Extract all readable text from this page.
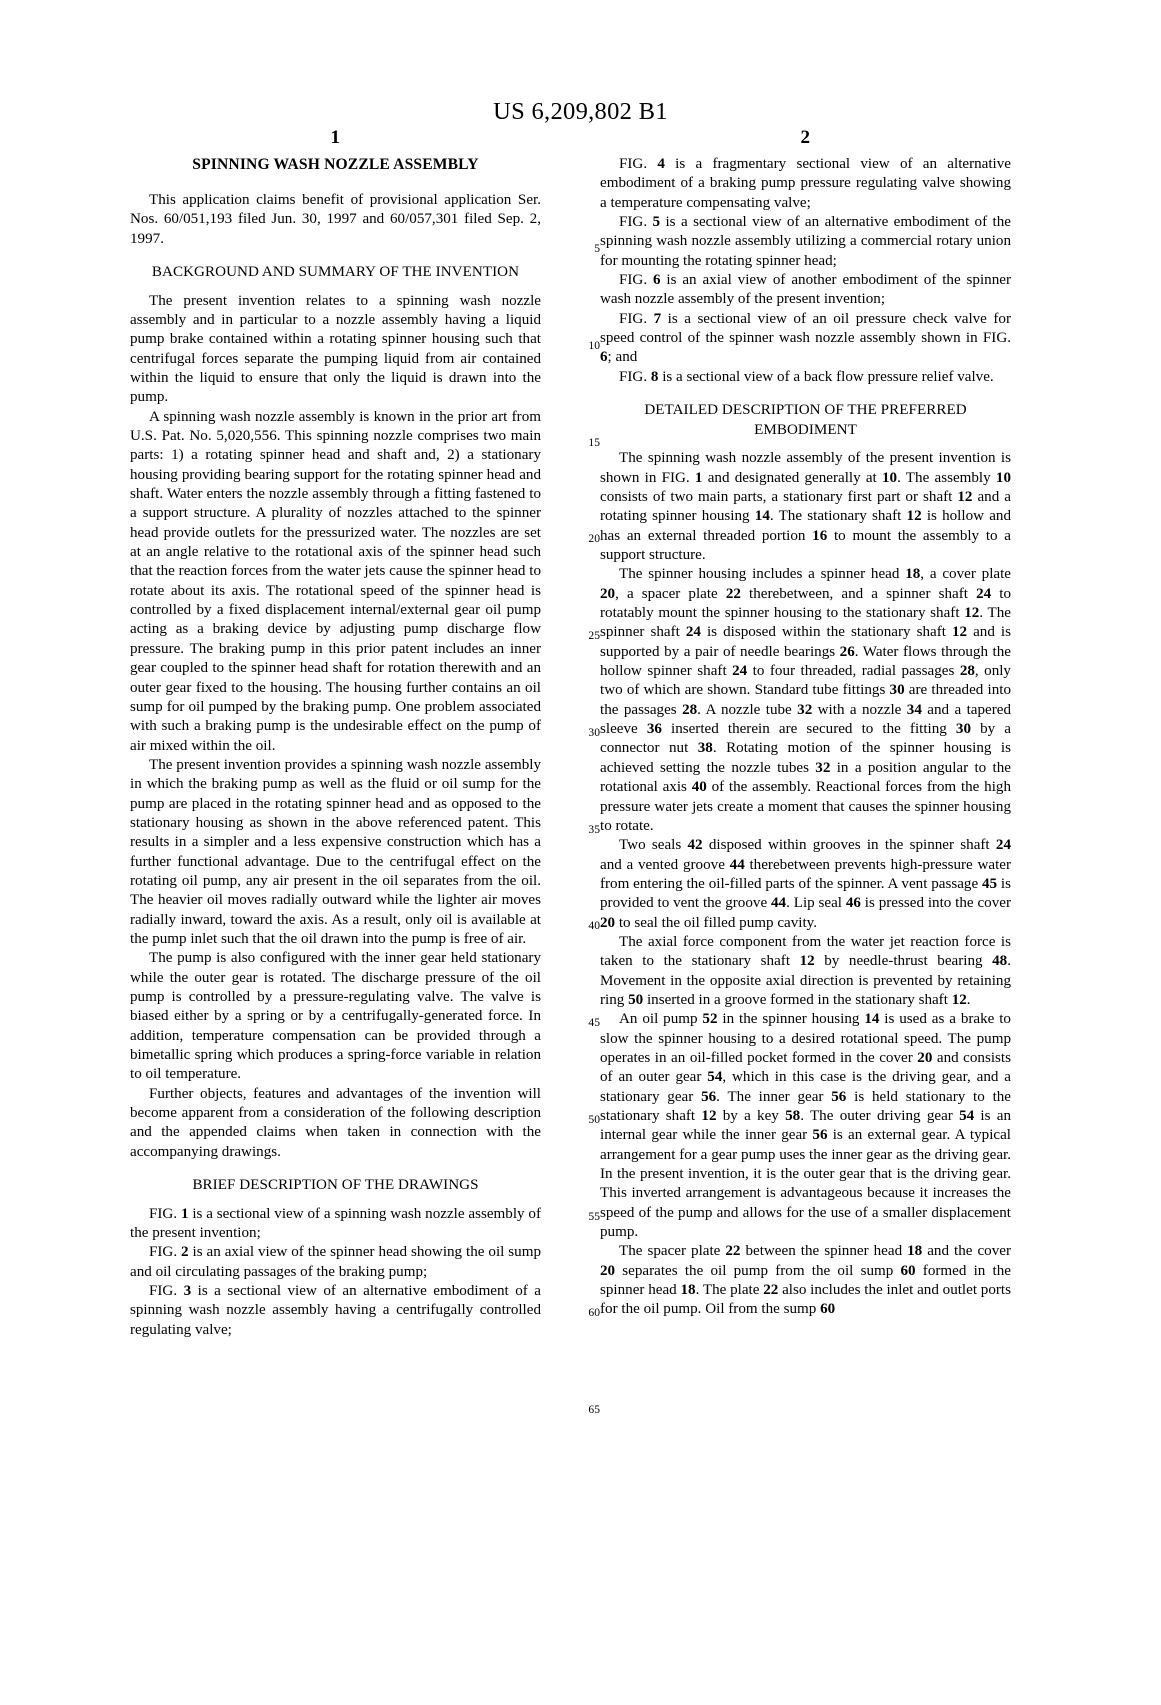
US 6,209,802 B1
1
SPINNING WASH NOZZLE ASSEMBLY

This application claims benefit of provisional application Ser. Nos. 60/051,193 filed Jun. 30, 1997 and 60/057,301 filed Sep. 2, 1997.

BACKGROUND AND SUMMARY OF THE INVENTION

The present invention relates to a spinning wash nozzle assembly and in particular to a nozzle assembly having a liquid pump brake contained within a rotating spinner housing such that centrifugal forces separate the pumping liquid from air contained within the liquid to ensure that only the liquid is drawn into the pump.

A spinning wash nozzle assembly is known in the prior art from U.S. Pat. No. 5,020,556. This spinning nozzle comprises two main parts: 1) a rotating spinner head and shaft and, 2) a stationary housing providing bearing support for the rotating spinner head and shaft. Water enters the nozzle assembly through a fitting fastened to a support structure. A plurality of nozzles attached to the spinner head provide outlets for the pressurized water. The nozzles are set at an angle relative to the rotational axis of the spinner head such that the reaction forces from the water jets cause the spinner head to rotate about its axis. The rotational speed of the spinner head is controlled by a fixed displacement internal/external gear oil pump acting as a braking device by adjusting pump discharge flow pressure. The braking pump in this prior patent includes an inner gear coupled to the spinner head shaft for rotation therewith and an outer gear fixed to the housing. The housing further contains an oil sump for oil pumped by the braking pump. One problem associated with such a braking pump is the undesirable effect on the pump of air mixed within the oil.

The present invention provides a spinning wash nozzle assembly in which the braking pump as well as the fluid or oil sump for the pump are placed in the rotating spinner head and as opposed to the stationary housing as shown in the above referenced patent. This results in a simpler and a less expensive construction which has a further functional advantage. Due to the centrifugal effect on the rotating oil pump, any air present in the oil separates from the oil. The heavier oil moves radially outward while the lighter air moves radially inward, toward the axis. As a result, only oil is available at the pump inlet such that the oil drawn into the pump is free of air.

The pump is also configured with the inner gear held stationary while the outer gear is rotated. The discharge pressure of the oil pump is controlled by a pressure-regulating valve. The valve is biased either by a spring or by a centrifugally-generated force. In addition, temperature compensation can be provided through a bimetallic spring which produces a spring-force variable in relation to oil temperature.

Further objects, features and advantages of the invention will become apparent from a consideration of the following description and the appended claims when taken in connection with the accompanying drawings.

BRIEF DESCRIPTION OF THE DRAWINGS

FIG. 1 is a sectional view of a spinning wash nozzle assembly of the present invention;

FIG. 2 is an axial view of the spinner head showing the oil sump and oil circulating passages of the braking pump;

FIG. 3 is a sectional view of an alternative embodiment of a spinning wash nozzle assembly having a centrifugally controlled regulating valve;

5
10
15
20
25
30
35
40
45
50
55
60
65
2

FIG. 4 is a fragmentary sectional view of an alternative embodiment of a braking pump pressure regulating valve showing a temperature compensating valve;

FIG. 5 is a sectional view of an alternative embodiment of the spinning wash nozzle assembly utilizing a commercial rotary union for mounting the rotating spinner head;

FIG. 6 is an axial view of another embodiment of the spinner wash nozzle assembly of the present invention;

FIG. 7 is a sectional view of an oil pressure check valve for speed control of the spinner wash nozzle assembly shown in FIG. 6; and

FIG. 8 is a sectional view of a back flow pressure relief valve.

DETAILED DESCRIPTION OF THE PREFERRED EMBODIMENT

The spinning wash nozzle assembly of the present invention is shown in FIG. 1 and designated generally at 10. The assembly 10 consists of two main parts, a stationary first part or shaft 12 and a rotating spinner housing 14. The stationary shaft 12 is hollow and has an external threaded portion 16 to mount the assembly to a support structure.

The spinner housing includes a spinner head 18, a cover plate 20, a spacer plate 22 therebetween, and a spinner shaft 24 to rotatably mount the spinner housing to the stationary shaft 12. The spinner shaft 24 is disposed within the stationary shaft 12 and is supported by a pair of needle bearings 26. Water flows through the hollow spinner shaft 24 to four threaded, radial passages 28, only two of which are shown. Standard tube fittings 30 are threaded into the passages 28. A nozzle tube 32 with a nozzle 34 and a tapered sleeve 36 inserted therein are secured to the fitting 30 by a connector nut 38. Rotating motion of the spinner housing is achieved setting the nozzle tubes 32 in a position angular to the rotational axis 40 of the assembly. Reactional forces from the high pressure water jets create a moment that causes the spinner housing to rotate.

Two seals 42 disposed within grooves in the spinner shaft 24 and a vented groove 44 therebetween prevents high-pressure water from entering the oil-filled parts of the spinner. A vent passage 45 is provided to vent the groove 44. Lip seal 46 is pressed into the cover 20 to seal the oil filled pump cavity.

The axial force component from the water jet reaction force is taken to the stationary shaft 12 by needle-thrust bearing 48. Movement in the opposite axial direction is prevented by retaining ring 50 inserted in a groove formed in the stationary shaft 12.

An oil pump 52 in the spinner housing 14 is used as a brake to slow the spinner housing to a desired rotational speed. The pump operates in an oil-filled pocket formed in the cover 20 and consists of an outer gear 54, which in this case is the driving gear, and a stationary gear 56. The inner gear 56 is held stationary to the stationary shaft 12 by a key 58. The outer driving gear 54 is an internal gear while the inner gear 56 is an external gear. A typical arrangement for a gear pump uses the inner gear as the driving gear. In the present invention, it is the outer gear that is the driving gear. This inverted arrangement is advantageous because it increases the speed of the pump and allows for the use of a smaller displacement pump.

The spacer plate 22 between the spinner head 18 and the cover 20 separates the oil pump from the oil sump 60 formed in the spinner head 18. The plate 22 also includes the inlet and outlet ports for the oil pump. Oil from the sump 60
